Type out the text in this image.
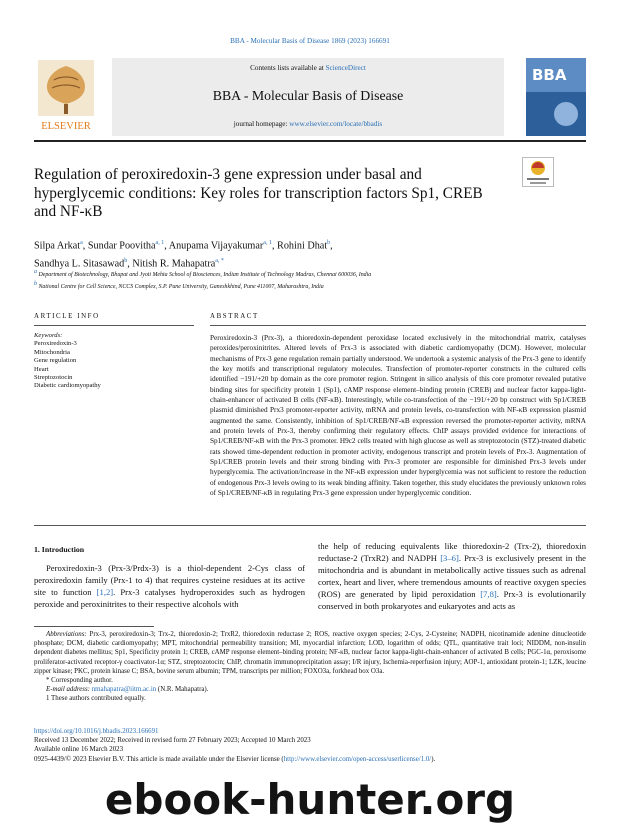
BBA - Molecular Basis of Disease 1869 (2023) 166691
ELSEVIER
Contents lists available at ScienceDirect
BBA - Molecular Basis of Disease
journal homepage: www.elsevier.com/locate/bbadis
BBA
Regulation of peroxiredoxin-3 gene expression under basal and hyperglycemic conditions: Key roles for transcription factors Sp1, CREB and NF-κB
Silpa Arkat$^a$, Sundar Poovitha$^{a, 1}$, Anupama Vijayakumar$^{a, 1}$, Rohini Dhat$^b$,
Sandhya L. Sitasawad$^b$, Nitish R. Mahapatra$^{a, *}$
$^a$ Department of Biotechnology, Bhupat and Jyoti Mehta School of Biosciences, Indian Institute of Technology Madras, Chennai 600036, India
$^b$ National Centre for Cell Science, NCCS Complex, S.P. Pune University, Ganeshkhind, Pune 411007, Maharashtra, India
ARTICLE INFO	ABSTRACT
Keywords:
Peroxiredoxin-3
Mitochondria
Gene regulation
Heart
Streptozotocin
Diabetic cardiomyopathy
Peroxiredoxin-3 (Prx-3), a thioredoxin-dependent peroxidase located exclusively in the mitochondrial matrix, catalyses peroxides/peroxinitrites. Altered levels of Prx-3 is associated with diabetic cardiomyopathy (DCM). However, molecular mechanisms of Prx-3 gene regulation remain partially understood. We undertook a systemic analysis of the Prx-3 gene to identify the key motifs and transcriptional regulatory molecules. Transfection of promoter-reporter constructs in the cultured cells identified −191/+20 bp domain as the core promoter region. Stringent in silico analysis of this core promoter revealed putative binding sites for specificity protein 1 (Sp1), cAMP response element–binding protein (CREB) and nuclear factor kappa-light-chain-enhancer of activated B cells (NF-κB). Interestingly, while co-transfection of the −191/+20 bp construct with Sp1/CREB plasmid diminished Prx3 promoter-reporter activity, mRNA and protein levels, co-transfection with NF-κB expression plasmid augmented the same. Consistently, inhibition of Sp1/CREB/NF-κB expression reversed the promoter-reporter activity, mRNA and protein levels of Prx-3, thereby confirming their regulatory effects. ChIP assays provided evidence for interactions of Sp1/CREB/NF-κB with the Prx-3 promoter. H9c2 cells treated with high glucose as well as streptozotocin (STZ)-treated diabetic rats showed time-dependent reduction in promoter activity, endogenous transcript and protein levels of Prx-3. Augmentation of Sp1/CREB protein levels and their strong binding with Prx-3 promoter are responsible for diminished Prx-3 levels under hyperglycemia. The activation/increase in the NF-κB expression under hyperglycemia was not sufficient to restore the reduction of endogenous Prx-3 levels owing to its weak binding affinity. Taken together, this study elucidates the previously unknown roles of Sp1/CREB/NF-κB in regulating Prx-3 gene expression under hyperglycemic condition.
1. Introduction
Peroxiredoxin-3 (Prx-3/Prdx-3) is a thiol-dependent 2-Cys class of peroxiredoxin family (Prx-1 to 4) that requires cysteine residues at its active site to function [1,2]. Prx-3 catalyses hydroperoxides such as hydrogen peroxide and peroxinitrites to their respective alcohols with
the help of reducing equivalents like thioredoxin-2 (Trx-2), thioredoxin reductase-2 (TrxR2) and NADPH [3–6]. Prx-3 is exclusively present in the mitochondria and is abundant in metabolically active tissues such as adrenal cortex, heart and liver, where tremendous amounts of reactive oxygen species (ROS) are generated by lipid peroxidation [7,8]. Prx-3 is evolutionarily conserved in both prokaryotes and eukaryotes and acts as

Abbreviations: Prx-3, peroxiredoxin-3; Trx-2, thioredoxin-2; TrxR2, thioredoxin reductase 2; ROS, reactive oxygen species; 2-Cys, 2-Cysteine; NADPH, nicotinamide adenine dinucleotide phosphate; DCM, diabetic cardiomyopathy; MPT, mitochondrial permeability transition; MI, myocardial infarction; LOD, logarithm of odds; QTL, quantitative trait loci; NIDDM, non-insulin dependent diabetes mellitus; Sp1, Specificity protein 1; CREB, cAMP response element–binding protein; NF-κB, nuclear factor kappa-light-chain-enhancer of activated B cells; PGC-1α, peroxisome proliferator-activated receptor-γ coactivator-1α; STZ, streptozotocin; ChIP, chromatin immunoprecipitation assay; I/R injury, Ischemia-reperfusion injury; AOP-1, antioxidant protein-1; LZK, leucine zipper kinase; PKC, protein kinase C; BSA, bovine serum albumin; TPM, transcripts per million; FOXO3a, forkhead box O3a.

* Corresponding author.

E-mail address: nmahapatra@iitm.ac.in (N.R. Mahapatra).

1 These authors contributed equally.

https://doi.org/10.1016/j.bbadis.2023.166691
Received 13 December 2022; Received in revised form 27 February 2023; Accepted 10 March 2023
Available online 16 March 2023
0925-4439/© 2023 Elsevier B.V. This article is made available under the Elsevier license (http://www.elsevier.com/open-access/userlicense/1.0/).
ebook-hunter.org
